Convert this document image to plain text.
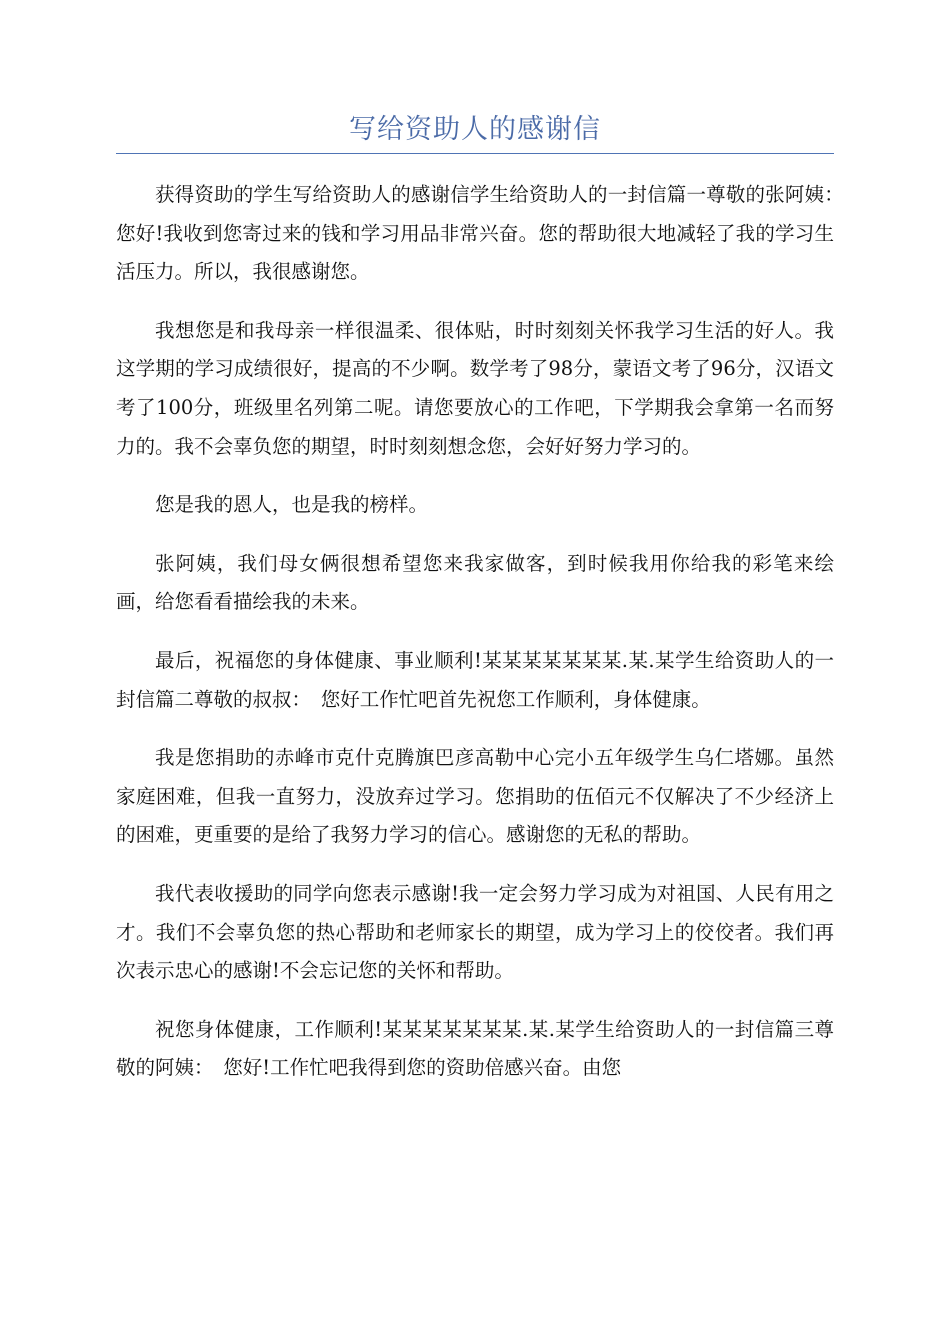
写给资助人的感谢信

获得资助的学生写给资助人的感谢信学生给资助人的一封信篇一尊敬的张阿姨：　您好!我收到您寄过来的钱和学习用品非常兴奋。您的帮助很大地减轻了我的学习生活压力。所以，我很感谢您。

我想您是和我母亲一样很温柔、很体贴，时时刻刻关怀我学习生活的好人。我这学期的学习成绩很好，提高的不少啊。数学考了98分，蒙语文考了96分，汉语文考了100分，班级里名列第二呢。请您要放心的工作吧，下学期我会拿第一名而努力的。我不会辜负您的期望，时时刻刻想念您，会好好努力学习的。

您是我的恩人，也是我的榜样。

张阿姨，我们母女俩很想希望您来我家做客，到时候我用你给我的彩笔来绘画，给您看看描绘我的未来。

最后，祝福您的身体健康、事业顺利!某某某某某某某.某.某学生给资助人的一封信篇二尊敬的叔叔：　您好工作忙吧首先祝您工作顺利，身体健康。

我是您捐助的赤峰市克什克腾旗巴彦高勒中心完小五年级学生乌仁塔娜。虽然家庭困难，但我一直努力，没放弃过学习。您捐助的伍佰元不仅解决了不少经济上的困难，更重要的是给了我努力学习的信心。感谢您的无私的帮助。

我代表收援助的同学向您表示感谢!我一定会努力学习成为对祖国、人民有用之才。我们不会辜负您的热心帮助和老师家长的期望，成为学习上的佼佼者。我们再次表示忠心的感谢!不会忘记您的关怀和帮助。

祝您身体健康，工作顺利!某某某某某某某.某.某学生给资助人的一封信篇三尊敬的阿姨：　您好!工作忙吧我得到您的资助倍感兴奋。由您
